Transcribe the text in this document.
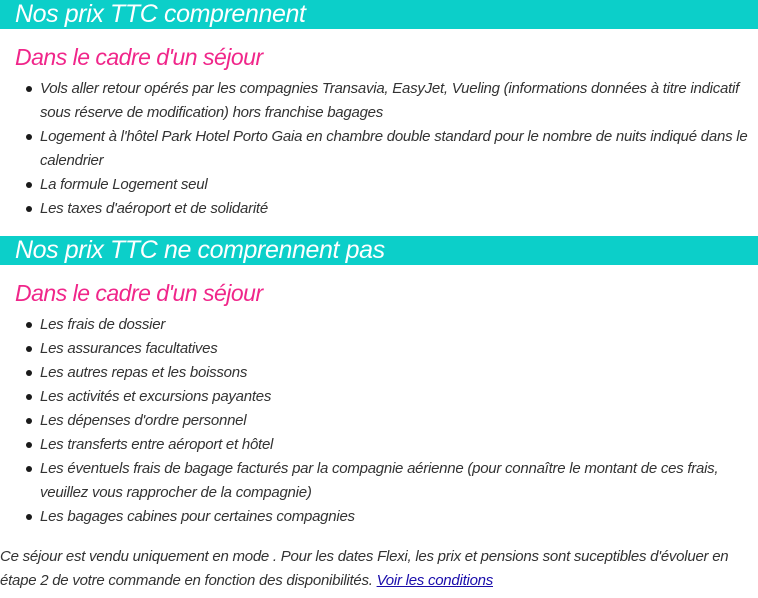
Nos prix TTC comprennent
Dans le cadre d'un séjour
Vols aller retour opérés par les compagnies Transavia, EasyJet, Vueling (informations données à titre indicatif sous réserve de modification) hors franchise bagages
Logement à l'hôtel Park Hotel Porto Gaia en chambre double standard pour le nombre de nuits indiqué dans le calendrier
La formule Logement seul
Les taxes d'aéroport et de solidarité
Nos prix TTC ne comprennent pas
Dans le cadre d'un séjour
Les frais de dossier
Les assurances facultatives
Les autres repas et les boissons
Les activités et excursions payantes
Les dépenses d'ordre personnel
Les transferts entre aéroport et hôtel
Les éventuels frais de bagage facturés par la compagnie aérienne (pour connaître le montant de ces frais, veuillez vous rapprocher de la compagnie)
Les bagages cabines pour certaines compagnies

Ce séjour est vendu uniquement en mode . Pour les dates Flexi, les prix et pensions sont suceptibles d'évoluer en étape 2 de votre commande en fonction des disponibilités. Voir les conditions
